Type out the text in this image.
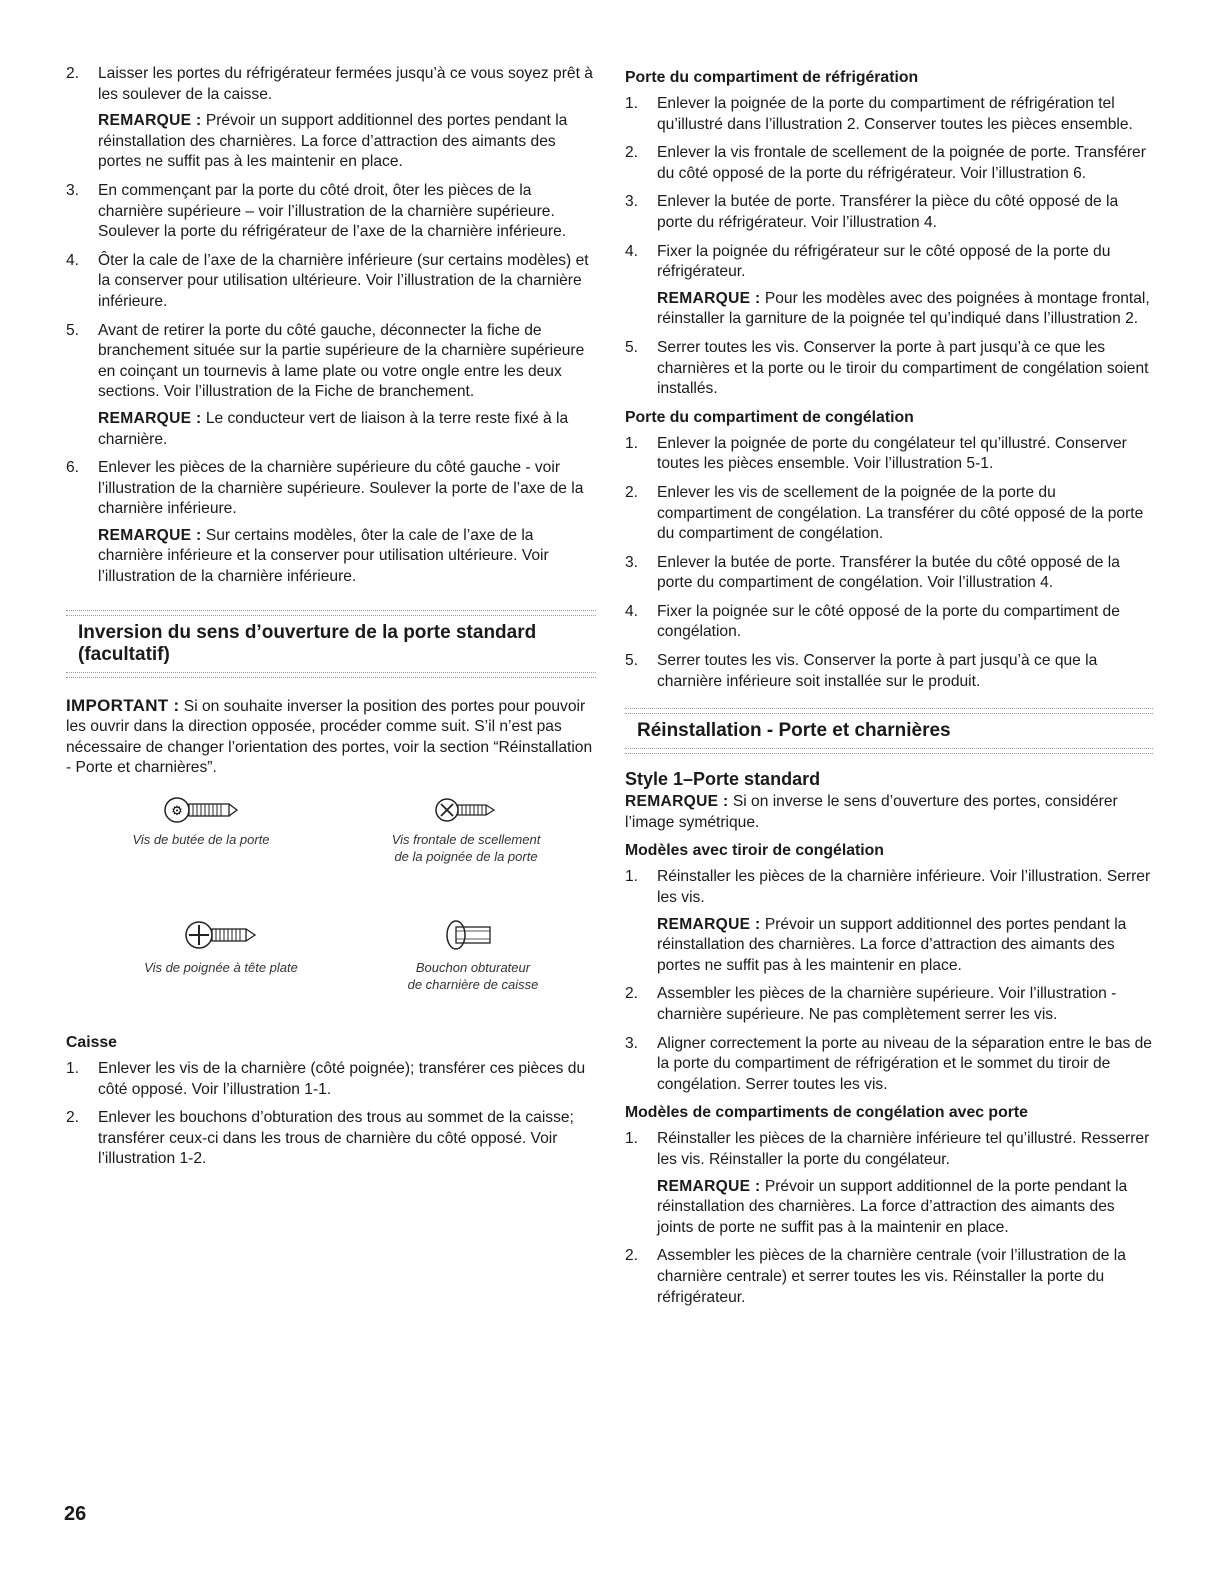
2.	Laisser les portes du réfrigérateur fermées jusqu’à ce vous soyez prêt à les soulever de la caisse.
REMARQUE : Prévoir un support additionnel des portes pendant la réinstallation des charnières. La force d’attraction des aimants des portes ne suffit pas à les maintenir en place.
3.	En commençant par la porte du côté droit, ôter les pièces de la charnière supérieure – voir l’illustration de la charnière supérieure. Soulever la porte du réfrigérateur de l’axe de la charnière inférieure.
4.	Ôter la cale de l’axe de la charnière inférieure (sur certains modèles) et la conserver pour utilisation ultérieure. Voir l’illustration de la charnière inférieure.
5.	Avant de retirer la porte du côté gauche, déconnecter la fiche de branchement située sur la partie supérieure de la charnière supérieure en coinçant un tournevis à lame plate ou votre ongle entre les deux sections. Voir l’illustration de la Fiche de branchement.
REMARQUE : Le conducteur vert de liaison à la terre reste fixé à la charnière.
6.	Enlever les pièces de la charnière supérieure du côté gauche - voir l’illustration de la charnière supérieure. Soulever la porte de l’axe de la charnière inférieure.
REMARQUE : Sur certains modèles, ôter la cale de l’axe de la charnière inférieure et la conserver pour utilisation ultérieure. Voir l’illustration de la charnière inférieure.
Inversion du sens d’ouverture de la porte standard (facultatif)

IMPORTANT : Si on souhaite inverser la position des portes pour pouvoir les ouvrir dans la direction opposée, procéder comme suit. S’il n’est pas nécessaire de changer l’orientation des portes, voir la section “Réinstallation - Porte et charnières”.

⚙
Vis de butée de la porte	Vis frontale de scellement
de la poignée de la porte
Vis de poignée à tête plate	Bouchon obturateur
de charnière de caisse
Caisse
1.	Enlever les vis de la charnière (côté poignée); transférer ces pièces du côté opposé. Voir l’illustration 1-1.
2.	Enlever les bouchons d’obturation des trous au sommet de la caisse; transférer ceux-ci dans les trous de charnière du côté opposé. Voir l’illustration 1-2.
Porte du compartiment de réfrigération
1.	Enlever la poignée de la porte du compartiment de réfrigération tel qu’illustré dans l’illustration 2. Conserver toutes les pièces ensemble.
2.	Enlever la vis frontale de scellement de la poignée de porte. Transférer du côté opposé de la porte du réfrigérateur. Voir l’illustration 6.
3.	Enlever la butée de porte. Transférer la pièce du côté opposé de la porte du réfrigérateur. Voir l’illustration 4.
4.	Fixer la poignée du réfrigérateur sur le côté opposé de la porte du réfrigérateur.
REMARQUE : Pour les modèles avec des poignées à montage frontal, réinstaller la garniture de la poignée tel qu’indiqué dans l’illustration 2.
5.	Serrer toutes les vis. Conserver la porte à part jusqu’à ce que les charnières et la porte ou le tiroir du compartiment de congélation soient installés.
Porte du compartiment de congélation
1.	Enlever la poignée de porte du congélateur tel qu’illustré. Conserver toutes les pièces ensemble. Voir l’illustration 5-1.
2.	Enlever les vis de scellement de la poignée de la porte du compartiment de congélation. La transférer du côté opposé de la porte du compartiment de congélation.
3.	Enlever la butée de porte. Transférer la butée du côté opposé de la porte du compartiment de congélation. Voir l’illustration 4.
4.	Fixer la poignée sur le côté opposé de la porte du compartiment de congélation.
5.	Serrer toutes les vis. Conserver la porte à part jusqu’à ce que la charnière inférieure soit installée sur le produit.
Réinstallation - Porte et charnières
Style 1–Porte standard

REMARQUE : Si on inverse le sens d’ouverture des portes, considérer l’image symétrique.

Modèles avec tiroir de congélation
1.	Réinstaller les pièces de la charnière inférieure. Voir l’illustration. Serrer les vis.
REMARQUE : Prévoir un support additionnel des portes pendant la réinstallation des charnières. La force d’attraction des aimants des portes ne suffit pas à les maintenir en place.
2.	Assembler les pièces de la charnière supérieure. Voir l’illustration - charnière supérieure. Ne pas complètement serrer les vis.
3.	Aligner correctement la porte au niveau de la séparation entre le bas de la porte du compartiment de réfrigération et le sommet du tiroir de congélation. Serrer toutes les vis.
Modèles de compartiments de congélation avec porte
1.	Réinstaller les pièces de la charnière inférieure tel qu’illustré. Resserrer les vis. Réinstaller la porte du congélateur.
REMARQUE : Prévoir un support additionnel de la porte pendant la réinstallation des charnières. La force d’attraction des aimants des joints de porte ne suffit pas à la maintenir en place.
2.	Assembler les pièces de la charnière centrale (voir l’illustration de la charnière centrale) et serrer toutes les vis. Réinstaller la porte du réfrigérateur.
26
